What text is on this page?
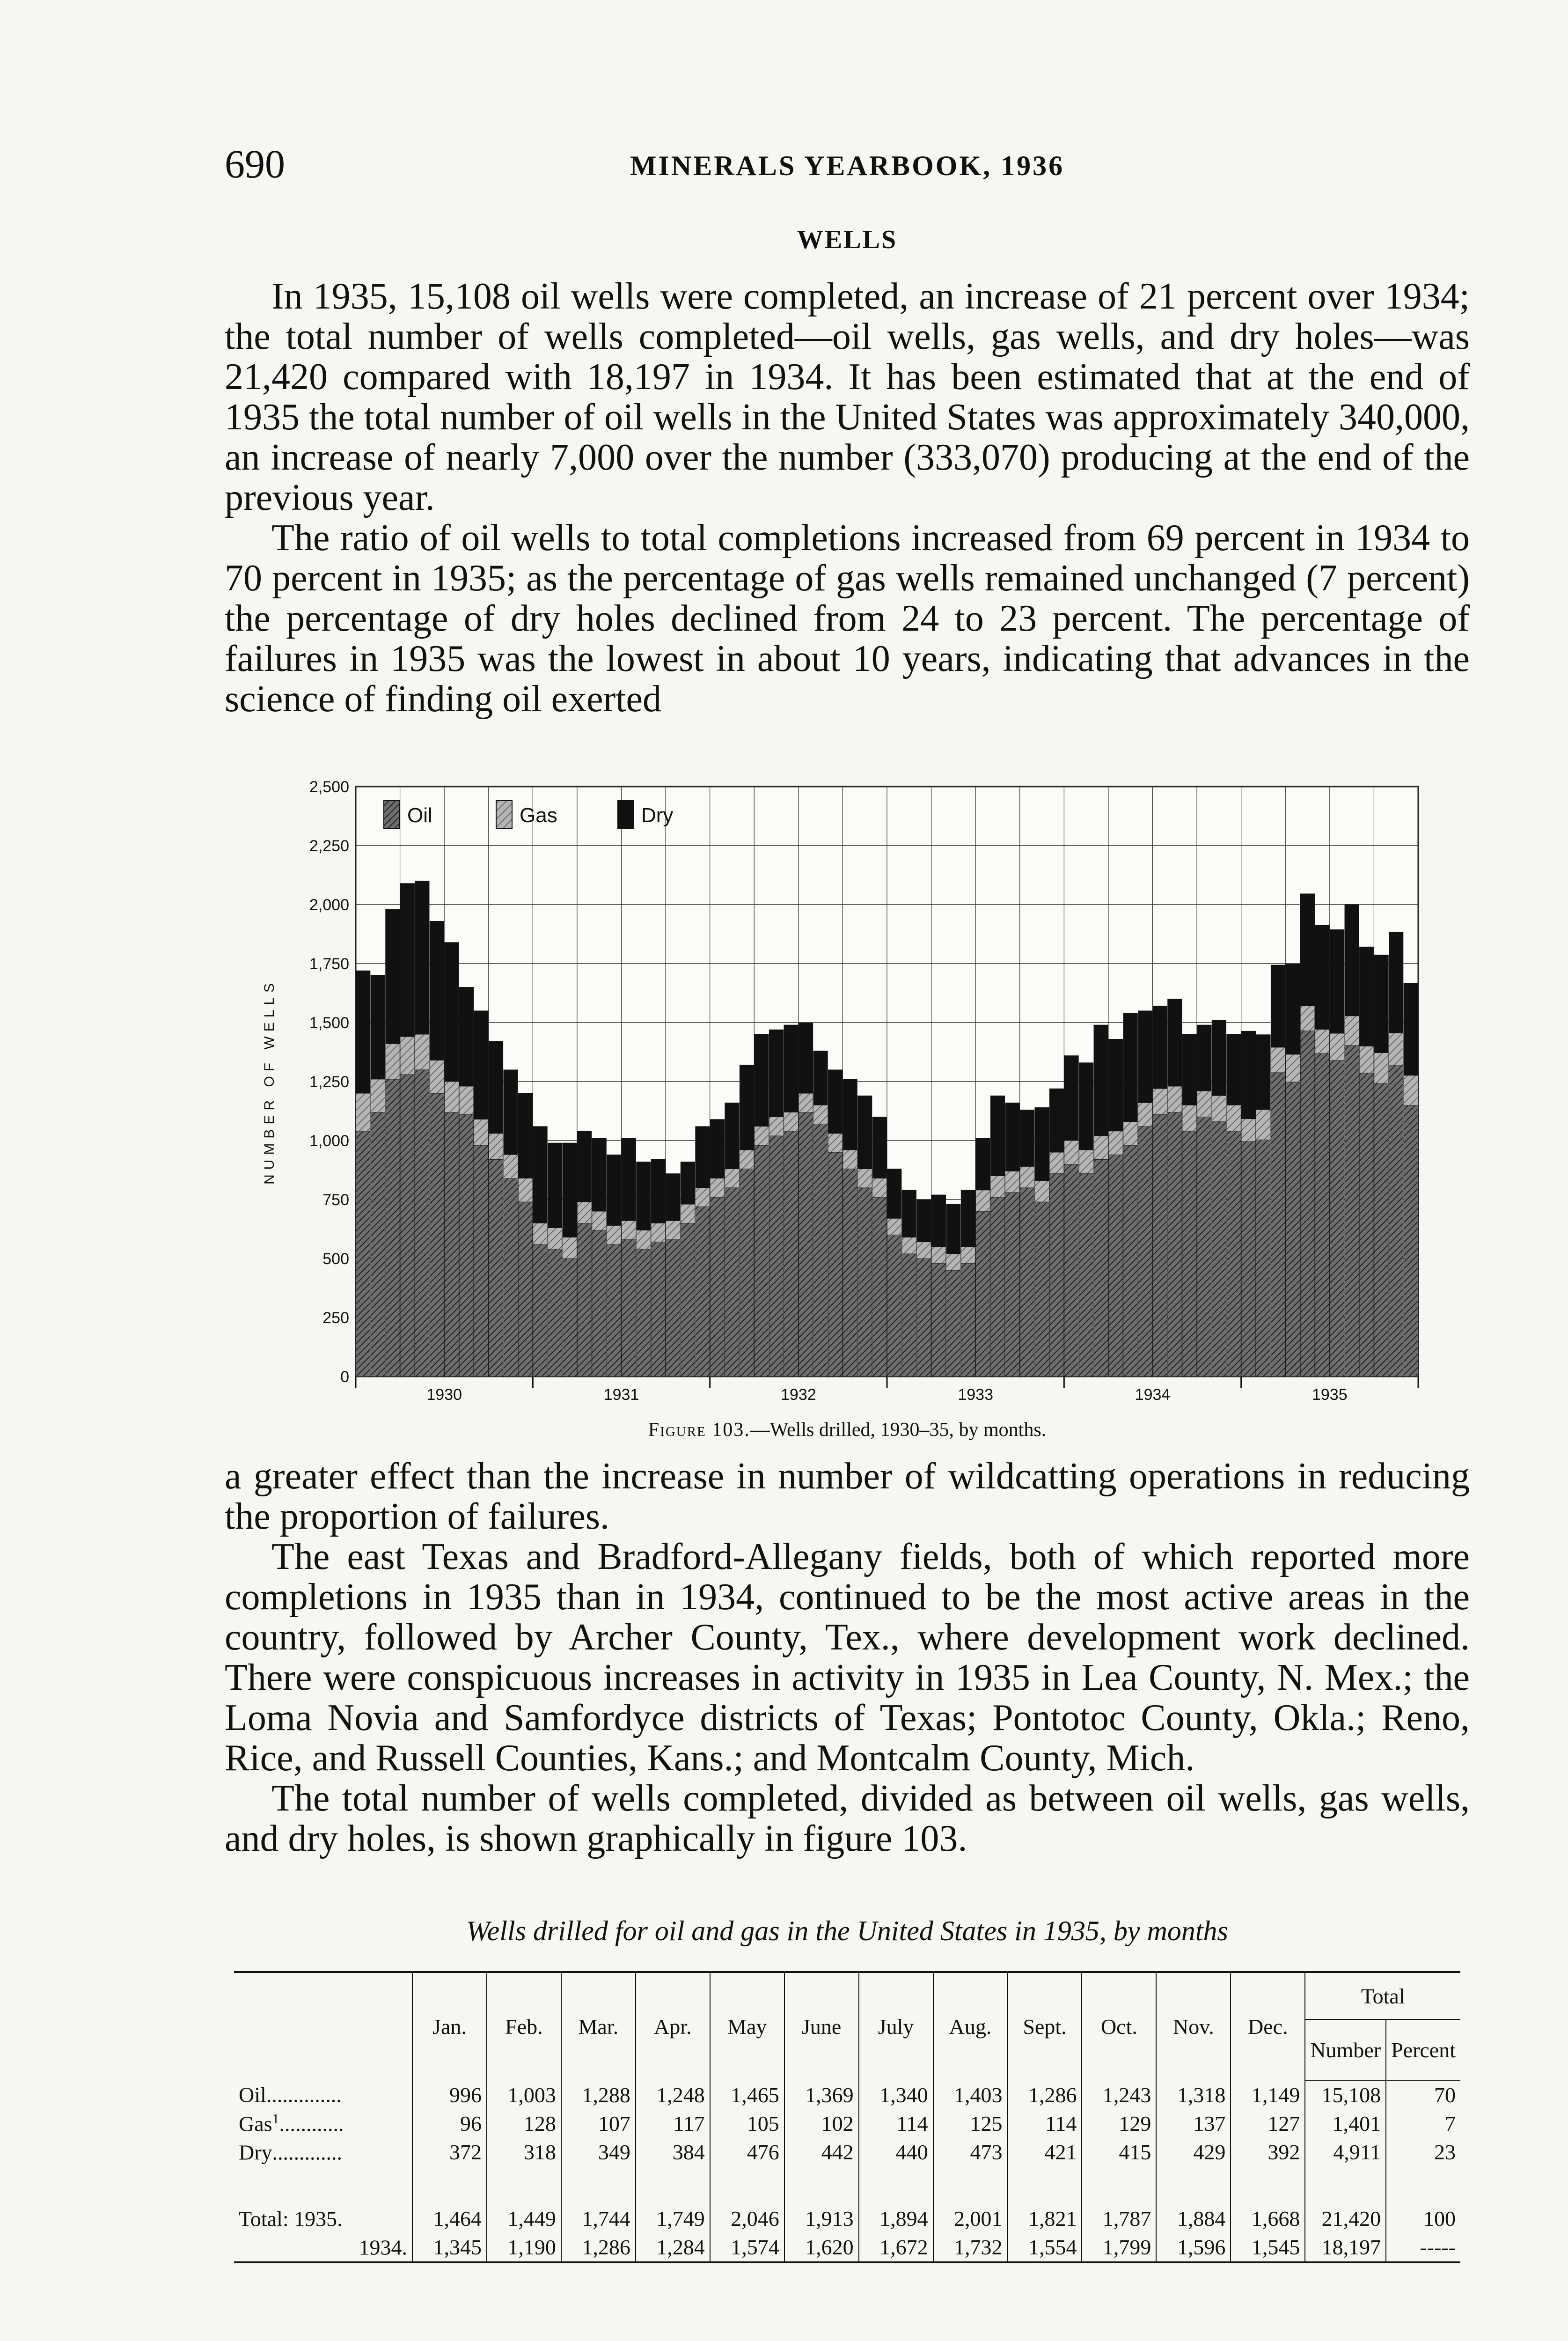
690	MINERALS YEARBOOK, 1936
WELLS

In 1935, 15,108 oil wells were completed, an increase of 21 percent over 1934; the total number of wells completed—oil wells, gas wells, and dry holes—was 21,420 compared with 18,197 in 1934. It has been estimated that at the end of 1935 the total number of oil wells in the United States was approximately 340,000, an increase of nearly 7,000 over the number (333,070) producing at the end of the previous year.

The ratio of oil wells to total completions increased from 69 percent in 1934 to 70 percent in 1935; as the percentage of gas wells remained unchanged (7 percent) the percentage of dry holes declined from 24 to 23 percent. The percentage of failures in 1935 was the lowest in about 10 years, indicating that advances in the science of finding oil exerted

0
250
500
750
1,000
1,250
1,500
1,750
2,000
2,250
2,500
1930	1931	1932	1933	1934	1935
NUMBER OF WELLS
Oil	Gas	Dry
Figure 103.—Wells drilled, 1930–35, by months.

a greater effect than the increase in number of wildcatting operations in reducing the proportion of failures.

The east Texas and Bradford-Allegany fields, both of which reported more completions in 1935 than in 1934, continued to be the most active areas in the country, followed by Archer County, Tex., where development work declined. There were conspicuous increases in activity in 1935 in Lea County, N. Mex.; the Loma Novia and Samfordyce districts of Texas; Pontotoc County, Okla.; Reno, Rice, and Russell Counties, Kans.; and Montcalm County, Mich.

The total number of wells completed, divided as between oil wells, gas wells, and dry holes, is shown graphically in figure 103.

Wells drilled for oil and gas in the United States in 1935, by months
	Jan.	Feb.	Mar.	Apr.	May	June	July	Aug.	Sept.	Oct.	Nov.	Dec.	Total	
													Number	Percent
Oil..............	996	1,003	1,288	1,248	1,465	1,369	1,340	1,403	1,286	1,243	1,318	1,149	15,108	70
Gas$^1$............	96	128	107	117	105	102	114	125	114	129	137	127	1,401	7
Dry.............	372	318	349	384	476	442	440	473	421	415	429	392	4,911	23
Total: 1935.	1,464	1,449	1,744	1,749	2,046	1,913	1,894	2,001	1,821	1,787	1,884	1,668	21,420	100
1934.	1,345	1,190	1,286	1,284	1,574	1,620	1,672	1,732	1,554	1,799	1,596	1,545	18,197	-----
